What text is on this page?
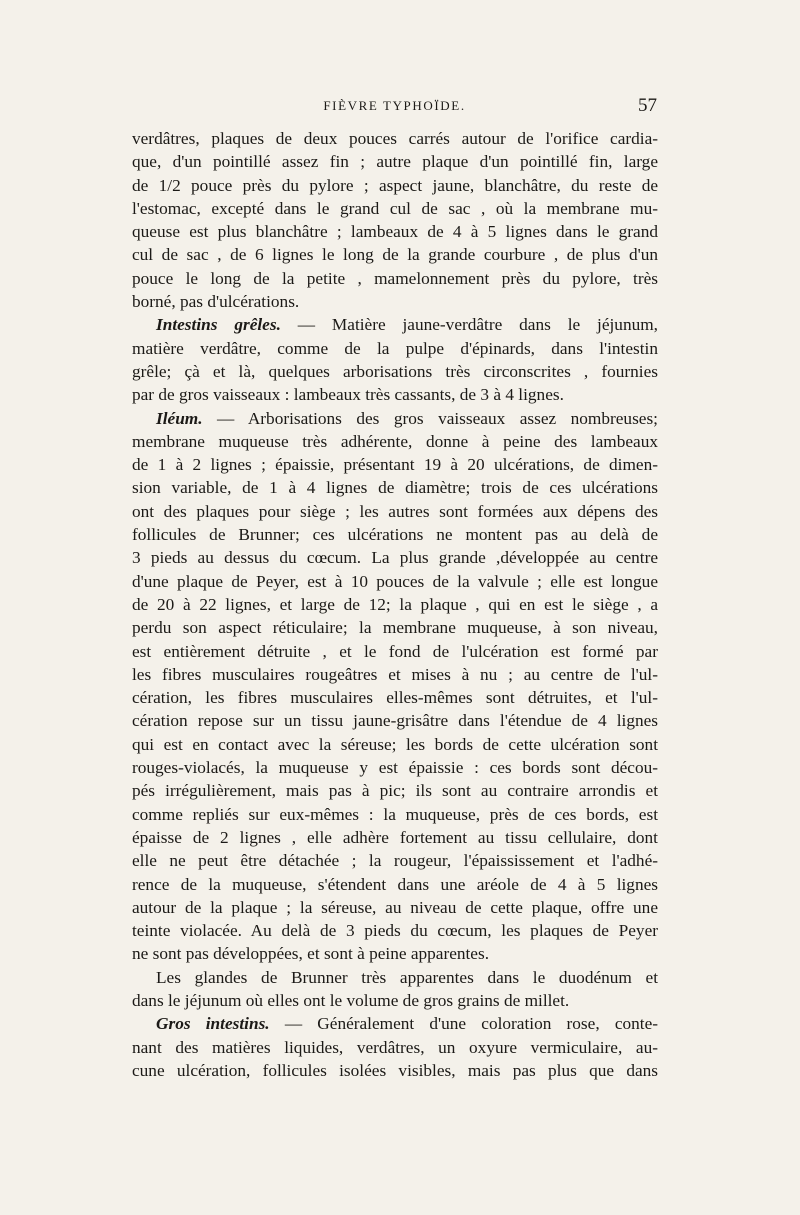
FIÈVRE TYPHOÏDE.	57
verdâtres, plaques de deux pouces carrés autour de l'orifice cardia-
que, d'un pointillé assez fin ; autre plaque d'un pointillé fin, large
de 1/2 pouce près du pylore ; aspect jaune, blanchâtre, du reste de
l'estomac, excepté dans le grand cul de sac , où la membrane mu-
queuse est plus blanchâtre ; lambeaux de 4 à 5 lignes dans le grand
cul de sac , de 6 lignes le long de la grande courbure , de plus d'un
pouce le long de la petite , mamelonnement près du pylore, très
borné, pas d'ulcérations.
Intestins grêles. — Matière jaune-verdâtre dans le jéjunum,
matière verdâtre, comme de la pulpe d'épinards, dans l'intestin
grêle; çà et là, quelques arborisations très circonscrites , fournies
par de gros vaisseaux : lambeaux très cassants, de 3 à 4 lignes.
Iléum. — Arborisations des gros vaisseaux assez nombreuses;
membrane muqueuse très adhérente, donne à peine des lambeaux
de 1 à 2 lignes ; épaissie, présentant 19 à 20 ulcérations, de dimen-
sion variable, de 1 à 4 lignes de diamètre; trois de ces ulcérations
ont des plaques pour siège ; les autres sont formées aux dépens des
follicules de Brunner; ces ulcérations ne montent pas au delà de
3 pieds au dessus du cœcum. La plus grande ,développée au centre
d'une plaque de Peyer, est à 10 pouces de la valvule ; elle est longue
de 20 à 22 lignes, et large de 12; la plaque , qui en est le siège , a
perdu son aspect réticulaire; la membrane muqueuse, à son niveau,
est entièrement détruite , et le fond de l'ulcération est formé par
les fibres musculaires rougeâtres et mises à nu ; au centre de l'ul-
cération, les fibres musculaires elles-mêmes sont détruites, et l'ul-
cération repose sur un tissu jaune-grisâtre dans l'étendue de 4 lignes
qui est en contact avec la séreuse; les bords de cette ulcération sont
rouges-violacés, la muqueuse y est épaissie : ces bords sont décou-
pés irrégulièrement, mais pas à pic; ils sont au contraire arrondis et
comme repliés sur eux-mêmes : la muqueuse, près de ces bords, est
épaisse de 2 lignes , elle adhère fortement au tissu cellulaire, dont
elle ne peut être détachée ; la rougeur, l'épaississement et l'adhé-
rence de la muqueuse, s'étendent dans une aréole de 4 à 5 lignes
autour de la plaque ; la séreuse, au niveau de cette plaque, offre une
teinte violacée. Au delà de 3 pieds du cœcum, les plaques de Peyer
ne sont pas développées, et sont à peine apparentes.
Les glandes de Brunner très apparentes dans le duodénum et
dans le jéjunum où elles ont le volume de gros grains de millet.
Gros intestins. — Généralement d'une coloration rose, conte-
nant des matières liquides, verdâtres, un oxyure vermiculaire, au-
cune ulcération, follicules isolées visibles, mais pas plus que dans
